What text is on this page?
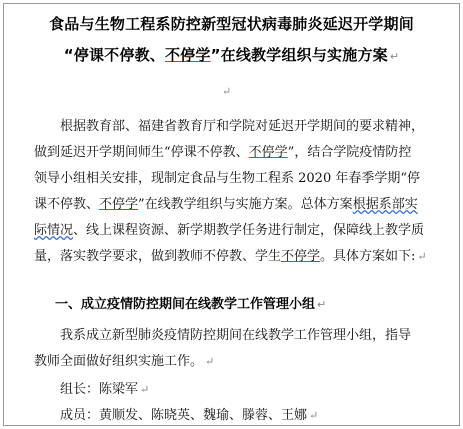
食品与生物工程系防控新型冠状病毒肺炎延迟开学期间
“停课不停教、不停学”在线教学组织与实施方案 ↵
↵
根据教育部、福建省教育厅和学院对延迟开学期间的要求精神，
做到延迟开学期间师生“停课不停教、不停学”，结合学院疫情防控
领导小组相关安排，现制定食品与生物工程系 2020 年春季学期“停
课不停教、不停学”在线教学组织与实施方案。总体方案根据系部实
际情况、线上课程资源、新学期教学任务进行制定，保障线上教学质
量，落实教学要求，做到教师不停教、学生不停学。具体方案如下: ↵
一、成立疫情防控期间在线教学工作管理小组 ↵
我系成立新型肺炎疫情防控期间在线教学工作管理小组，指导
教师全面做好组织实施工作。 ↵
组长：陈梁军 ↵
成员：黄顺发、陈晓英、魏瑜、滕蓉、王娜 ↵
